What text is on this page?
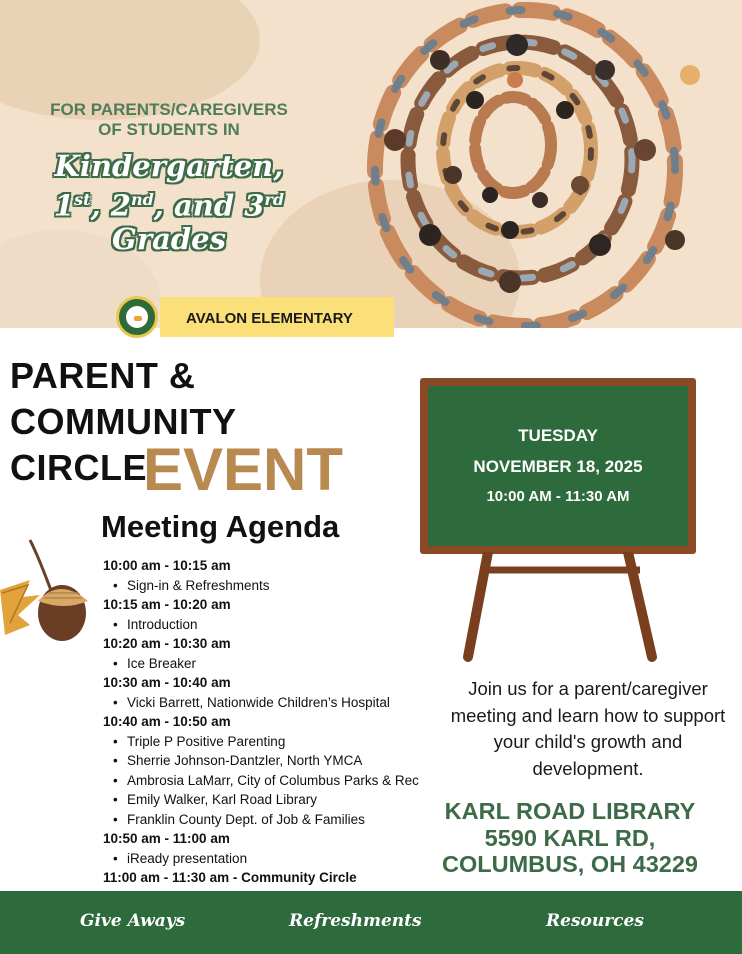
FOR PARENTS/CAREGIVERS
OF STUDENTS IN
Kindergarten,
1st, 2nd, and 3rd
Grades
AVALON ELEMENTARY
PARENT &
COMMUNITY
CIRCLE
EVENT
Meeting Agenda
10:00 am - 10:15 am
• Sign-in & Refreshments
10:15 am - 10:20 am
• Introduction
10:20 am - 10:30 am
• Ice Breaker
10:30 am - 10:40 am
• Vicki Barrett, Nationwide Children’s Hospital
10:40 am - 10:50 am
• Triple P Positive Parenting
• Sherrie Johnson-Dantzler, North YMCA
• Ambrosia LaMarr, City of Columbus Parks & Rec
• Emily Walker, Karl Road Library
• Franklin County Dept. of Job & Families
10:50 am - 11:00 am
• iReady presentation
11:00 am - 11:30 am - Community Circle
TUESDAY
NOVEMBER 18, 2025
10:00 AM - 11:30 AM
Join us for a parent/caregiver meeting and learn how to support your child's growth and development.
KARL ROAD LIBRARY
5590 KARL RD,
COLUMBUS, OH 43229
Give Aways	Refreshments	Resources
